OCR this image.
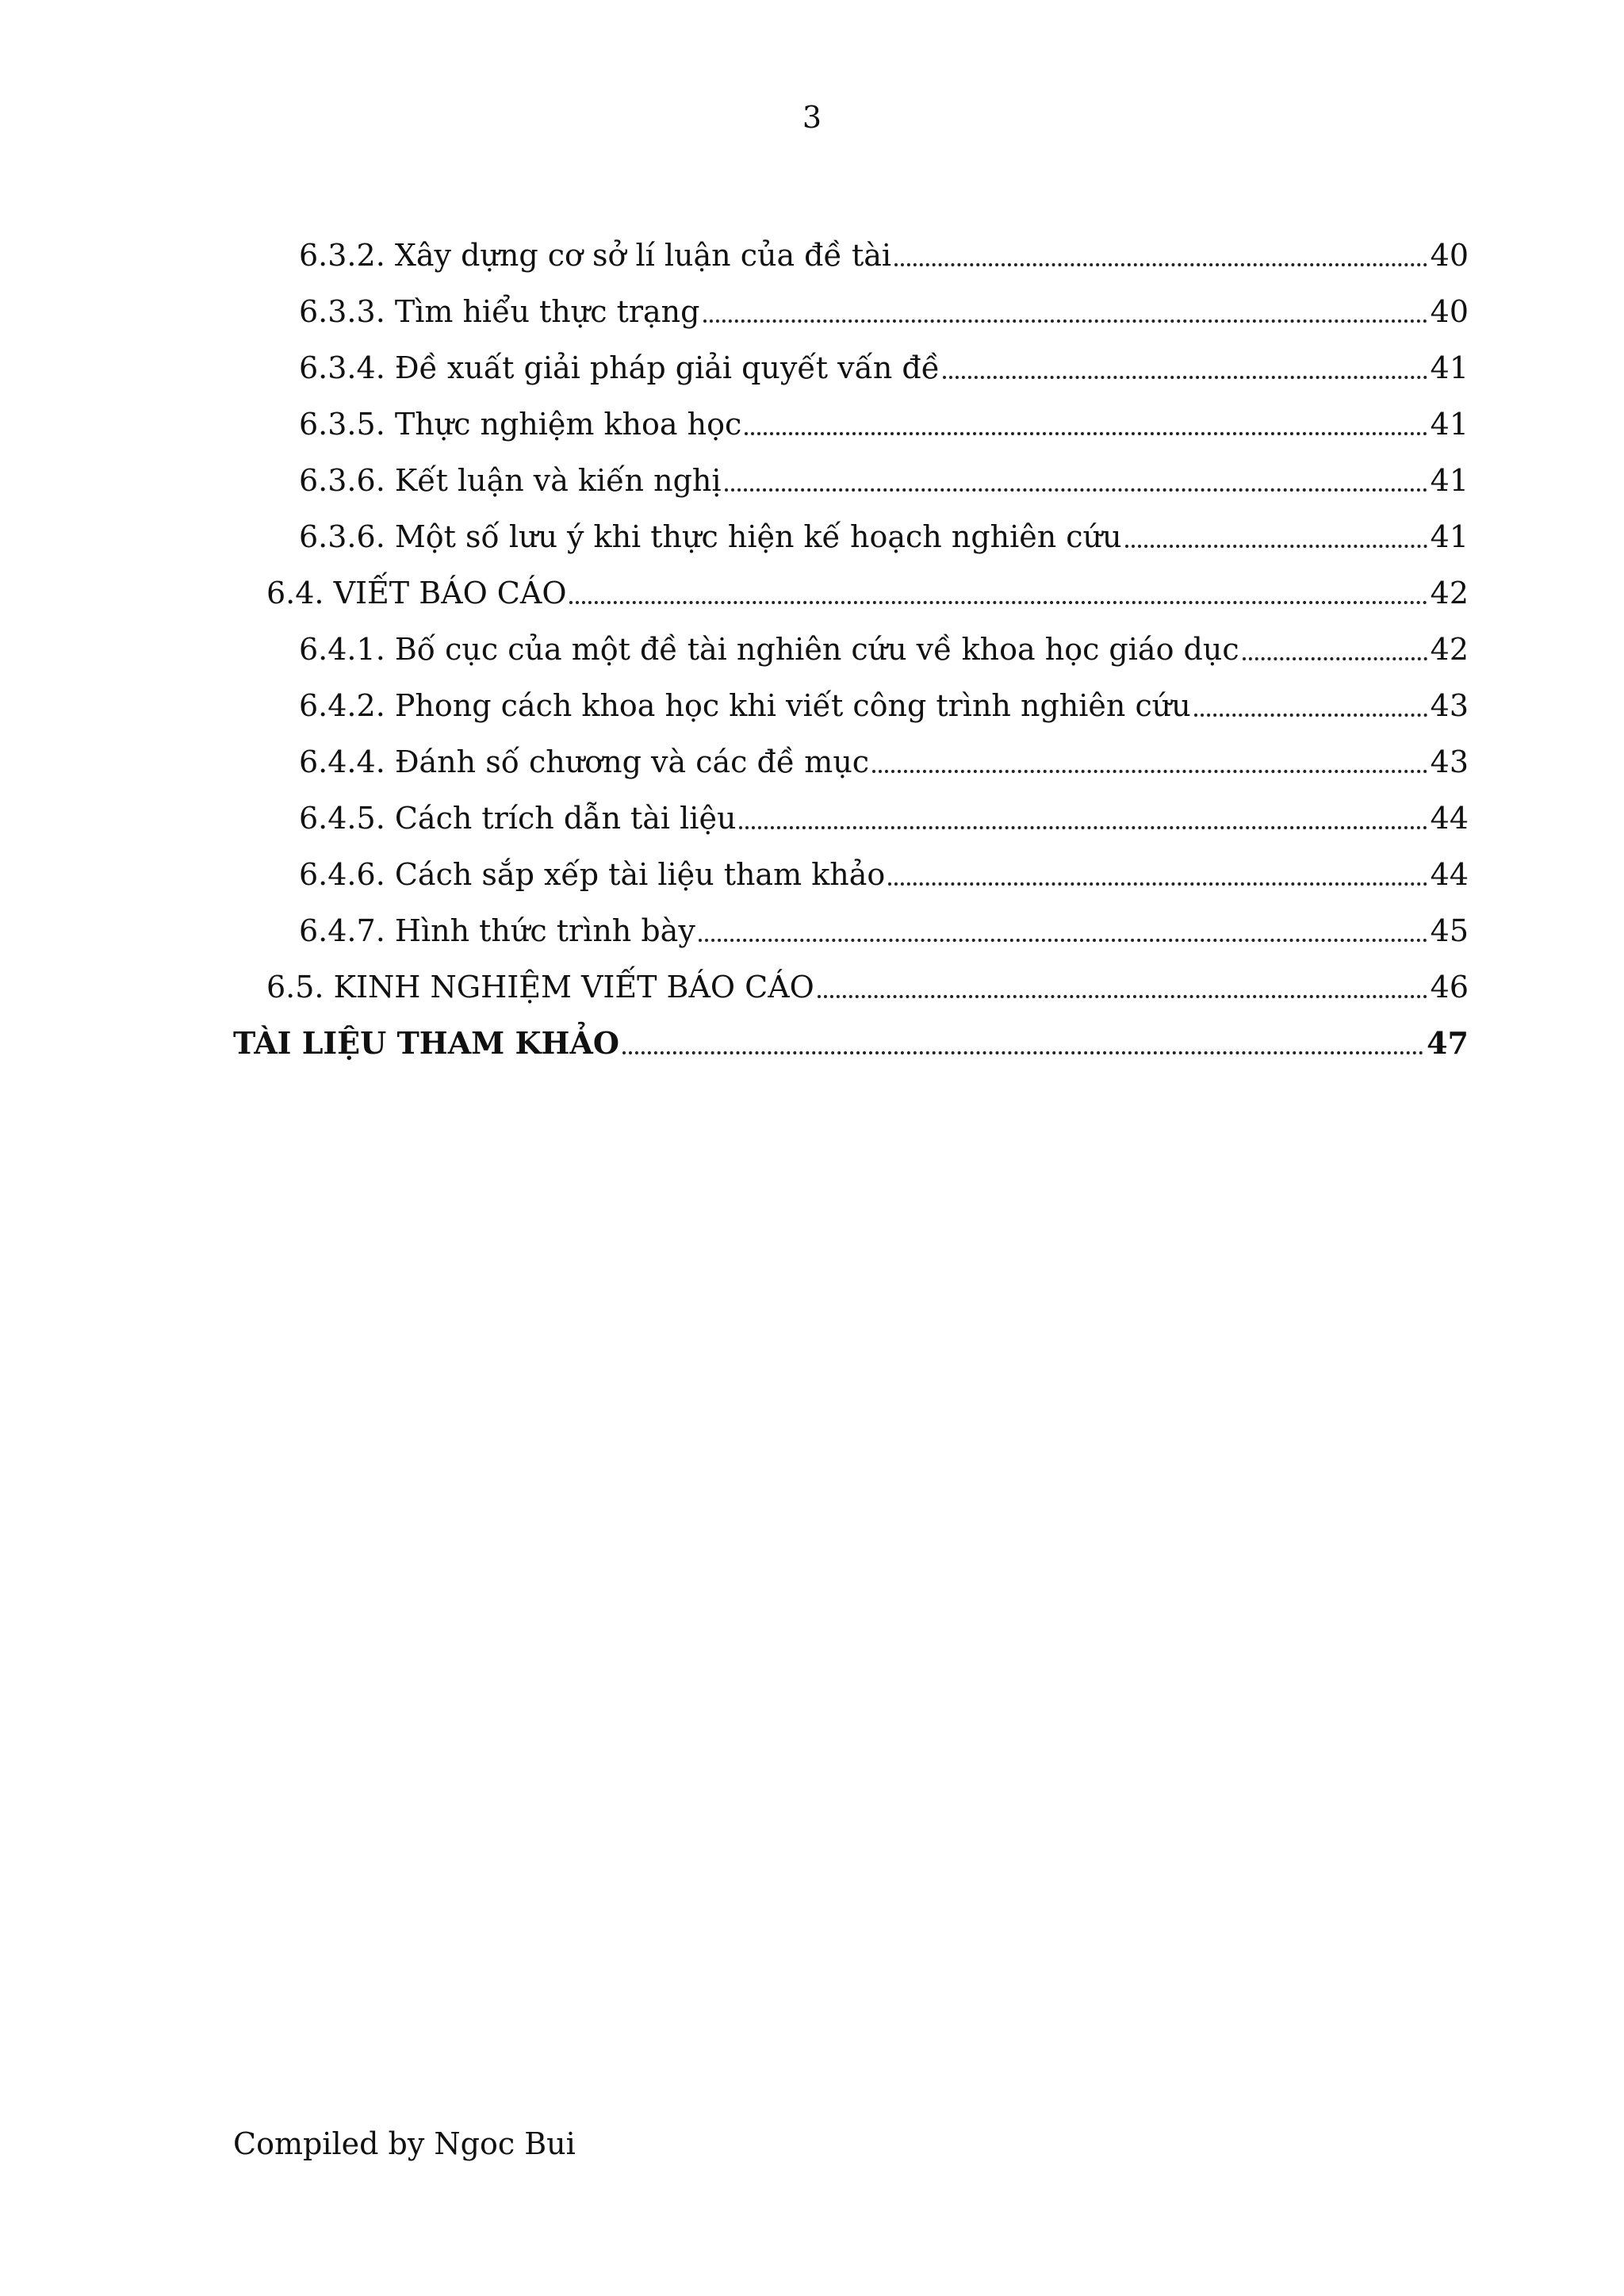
3
6.3.2. Xây dựng cơ sở lí luận của đề tài	40
6.3.3. Tìm hiểu thực trạng	40
6.3.4. Đề xuất giải pháp giải quyết vấn đề	41
6.3.5. Thực nghiệm khoa học	41
6.3.6. Kết luận và kiến nghị	41
6.3.6. Một số lưu ý khi thực hiện kế hoạch nghiên cứu	41
6.4. VIẾT BÁO CÁO	42
6.4.1. Bố cục của một đề tài nghiên cứu về khoa học giáo dục	42
6.4.2. Phong cách khoa học khi viết công trình nghiên cứu	43
6.4.4. Đánh số chương và các đề mục	43
6.4.5. Cách trích dẫn tài liệu	44
6.4.6. Cách sắp xếp tài liệu tham khảo	44
6.4.7. Hình thức trình bày	45
6.5. KINH NGHIỆM VIẾT BÁO CÁO	46
TÀI LIỆU THAM KHẢO	47
Compiled by Ngoc Bui
